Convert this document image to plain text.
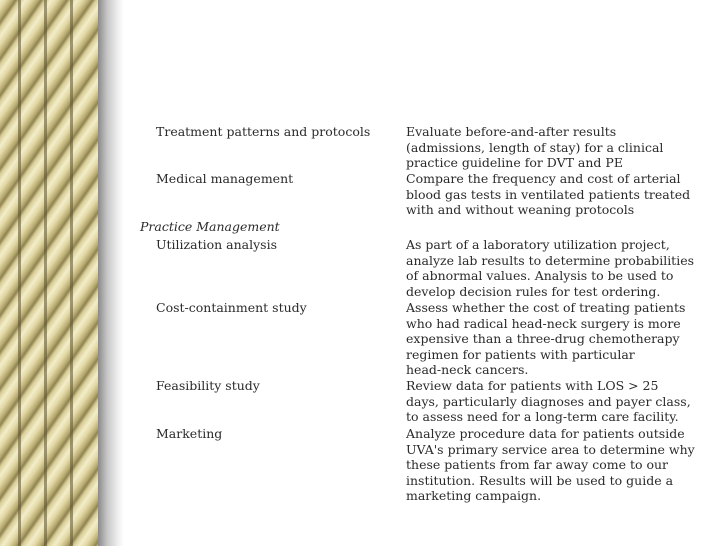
Treatment patterns and protocols	Evaluate before-and-after results
(admissions, length of stay) for a clinical
practice guideline for DVT and PE
Medical management	Compare the frequency and cost of arterial
blood gas tests in ventilated patients treated
with and without weaning protocols
Practice Management
Utilization analysis	As part of a laboratory utilization project,
analyze lab results to determine probabilities
of abnormal values. Analysis to be used to
develop decision rules for test ordering.
Cost-containment study	Assess whether the cost of treating patients
who had radical head-neck surgery is more
expensive than a three-drug chemotherapy
regimen for patients with particular
head-neck cancers.
Feasibility study	Review data for patients with LOS > 25
days, particularly diagnoses and payer class,
to assess need for a long-term care facility.
Marketing	Analyze procedure data for patients outside
UVA's primary service area to determine why
these patients from far away come to our
institution. Results will be used to guide a
marketing campaign.
